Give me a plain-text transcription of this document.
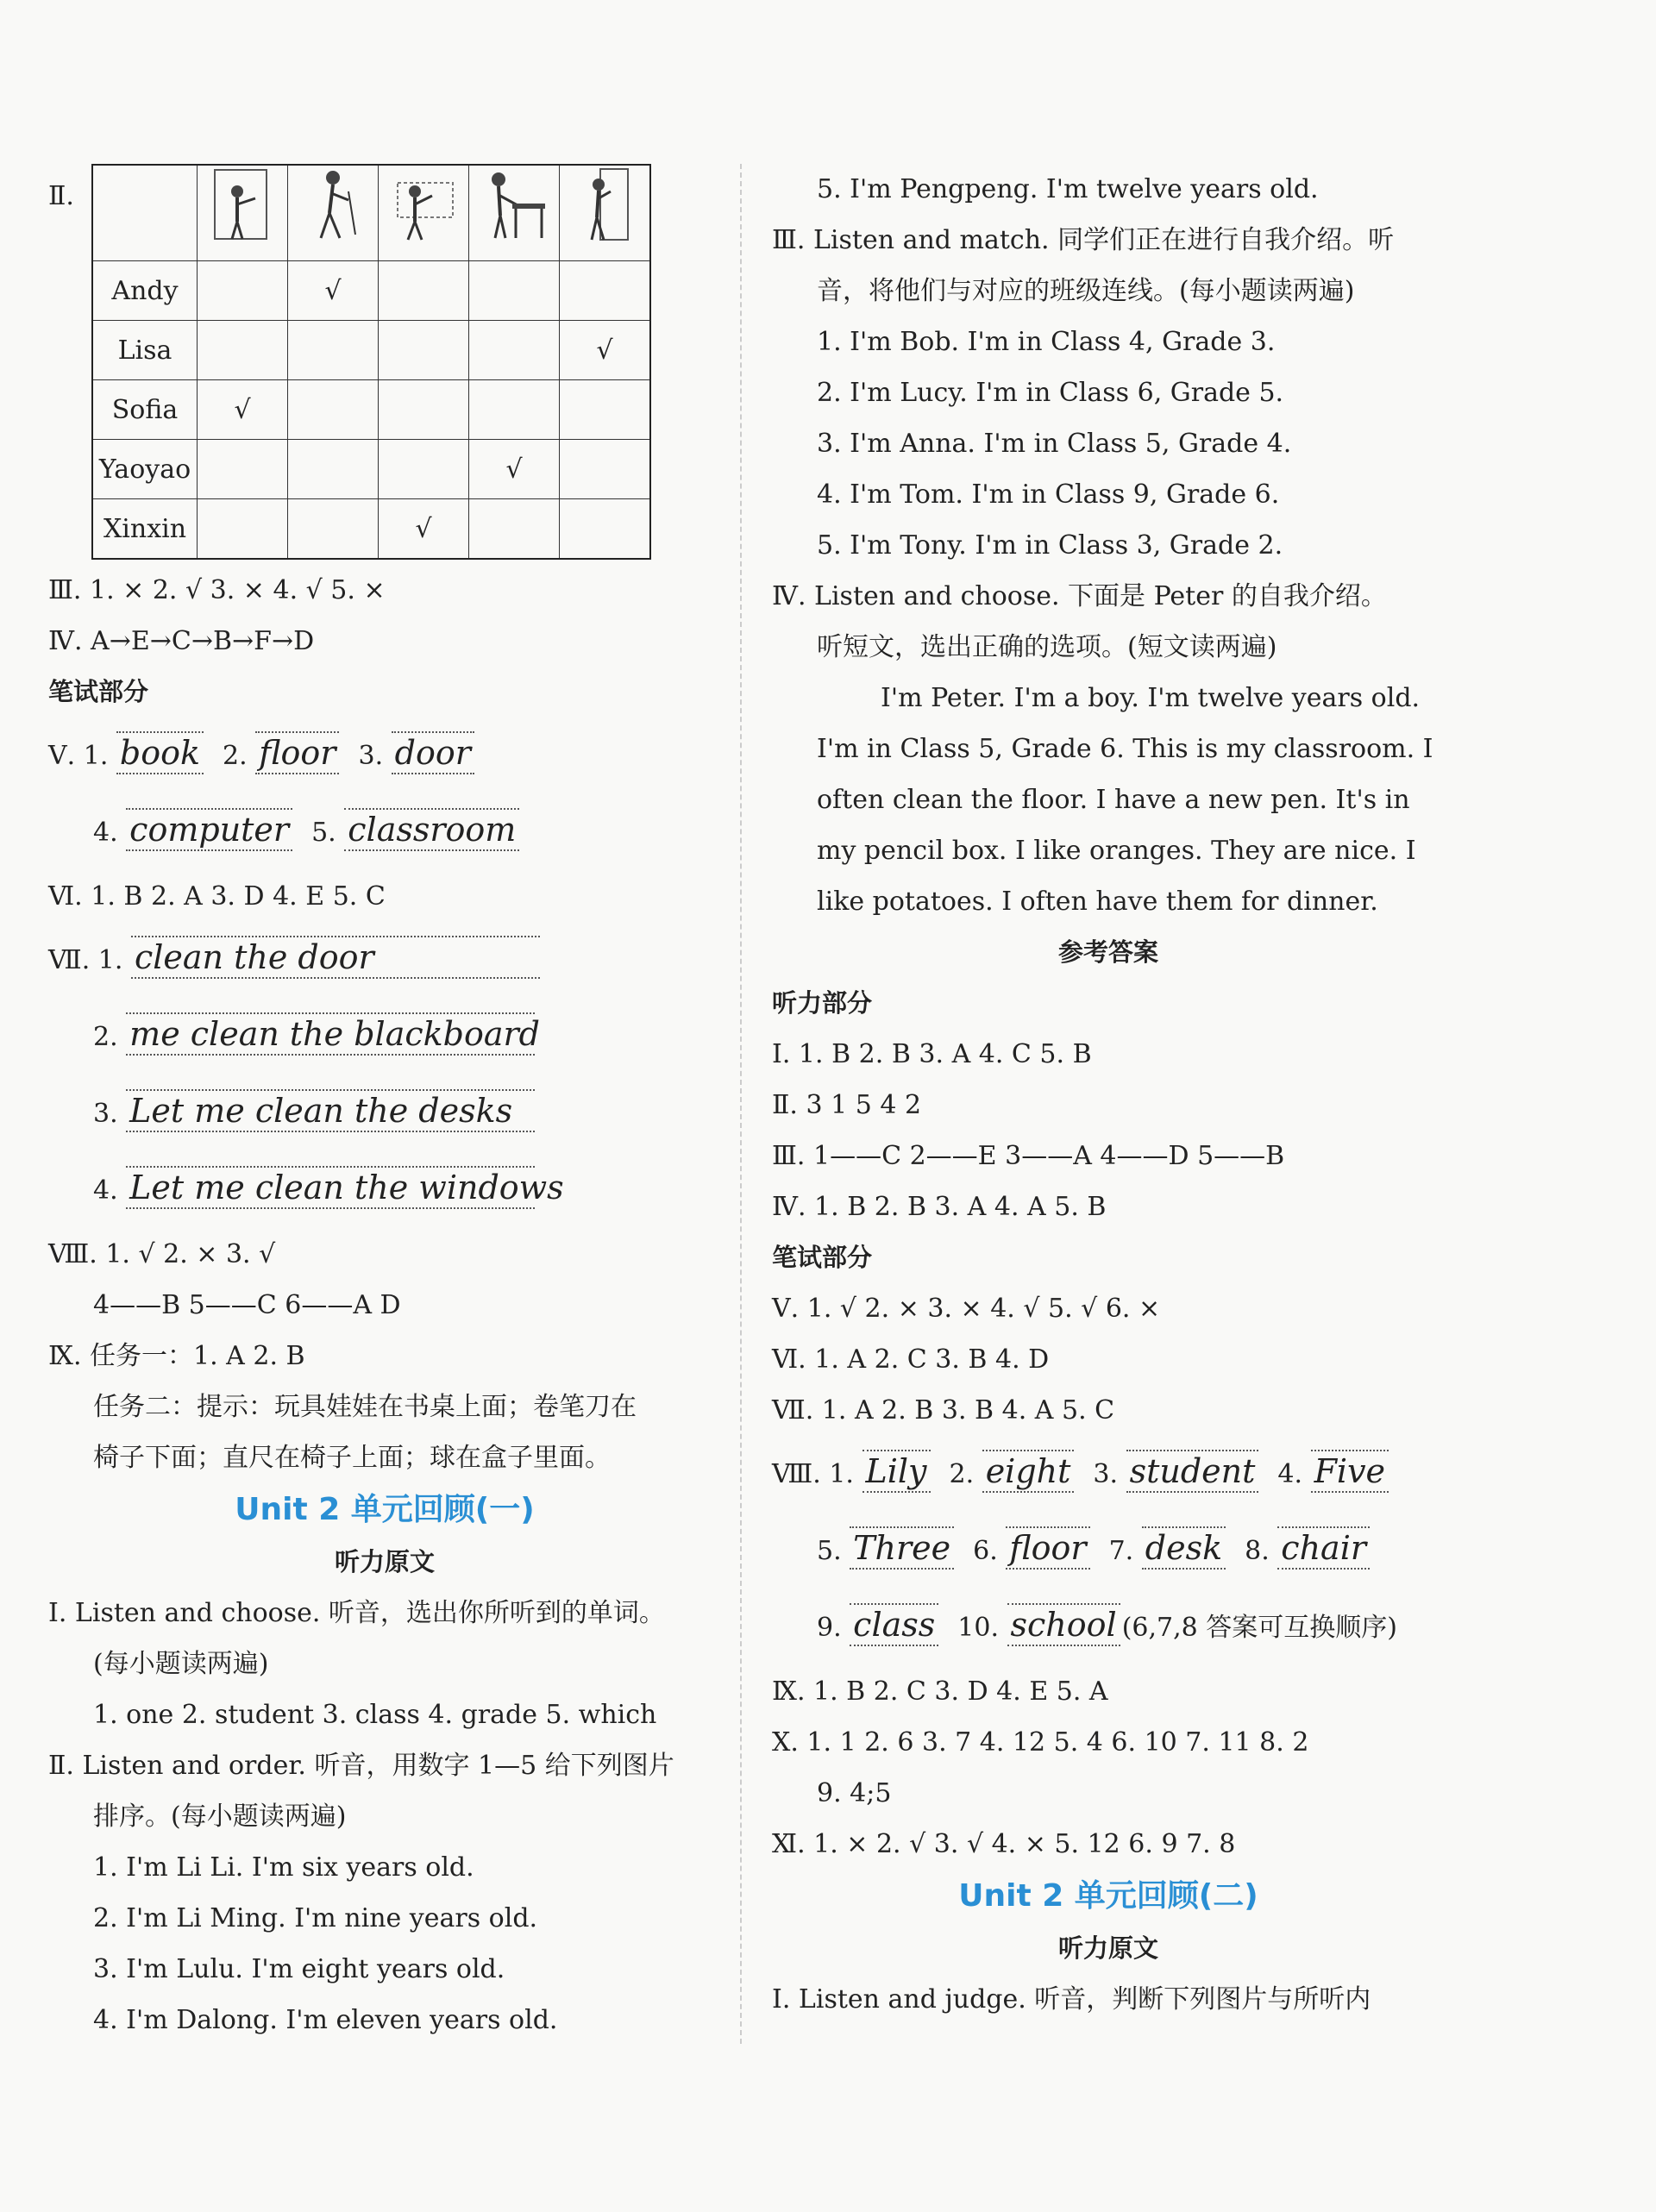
Ⅱ.

Andy		√			
Lisa					√
Sofia	√				
Yaoyao				√	
Xinxin			√		
Ⅲ. 1. × 2. √ 3. × 4. √ 5. ×
Ⅳ. A→E→C→B→F→D
笔试部分
Ⅴ. 1. book 2. floor 3. door
4. computer 5. classroom
Ⅵ. 1. B 2. A 3. D 4. E 5. C
Ⅶ. 1. clean the door
2. me clean the blackboard
3. Let me clean the desks
4. Let me clean the windows
Ⅷ. 1. √ 2. × 3. √
4——B 5——C 6——A D
Ⅸ. 任务一：1. A 2. B
任务二：提示：玩具娃娃在书桌上面；卷笔刀在
椅子下面；直尺在椅子上面；球在盒子里面。
Unit 2 单元回顾(一)
听力原文
Ⅰ. Listen and choose. 听音，选出你所听到的单词。
(每小题读两遍)
1. one 2. student 3. class 4. grade 5. which
Ⅱ. Listen and order. 听音，用数字 1—5 给下列图片
排序。(每小题读两遍)
1. I'm Li Li. I'm six years old.
2. I'm Li Ming. I'm nine years old.
3. I'm Lulu. I'm eight years old.
4. I'm Dalong. I'm eleven years old.
5. I'm Pengpeng. I'm twelve years old.
Ⅲ. Listen and match. 同学们正在进行自我介绍。听
音，将他们与对应的班级连线。(每小题读两遍)
1. I'm Bob. I'm in Class 4, Grade 3.
2. I'm Lucy. I'm in Class 6, Grade 5.
3. I'm Anna. I'm in Class 5, Grade 4.
4. I'm Tom. I'm in Class 9, Grade 6.
5. I'm Tony. I'm in Class 3, Grade 2.
Ⅳ. Listen and choose. 下面是 Peter 的自我介绍。
听短文，选出正确的选项。(短文读两遍)
I'm Peter. I'm a boy. I'm twelve years old.
I'm in Class 5, Grade 6. This is my classroom. I
often clean the floor. I have a new pen. It's in
my pencil box. I like oranges. They are nice. I
like potatoes. I often have them for dinner.
参考答案
听力部分
Ⅰ. 1. B 2. B 3. A 4. C 5. B
Ⅱ. 3 1 5 4 2
Ⅲ. 1——C 2——E 3——A 4——D 5——B
Ⅳ. 1. B 2. B 3. A 4. A 5. B
笔试部分
Ⅴ. 1. √ 2. × 3. × 4. √ 5. √ 6. ×
Ⅵ. 1. A 2. C 3. B 4. D
Ⅶ. 1. A 2. B 3. B 4. A 5. C
Ⅷ. 1. Lily 2. eight 3. student 4. Five
5. Three 6. floor 7. desk 8. chair
9. class 10. school (6,7,8 答案可互换顺序)
Ⅸ. 1. B 2. C 3. D 4. E 5. A
Ⅹ. 1. 1 2. 6 3. 7 4. 12 5. 4 6. 10 7. 11 8. 2
9. 4;5
Ⅺ. 1. × 2. √ 3. √ 4. × 5. 12 6. 9 7. 8
Unit 2 单元回顾(二)
听力原文
Ⅰ. Listen and judge. 听音，判断下列图片与所听内
